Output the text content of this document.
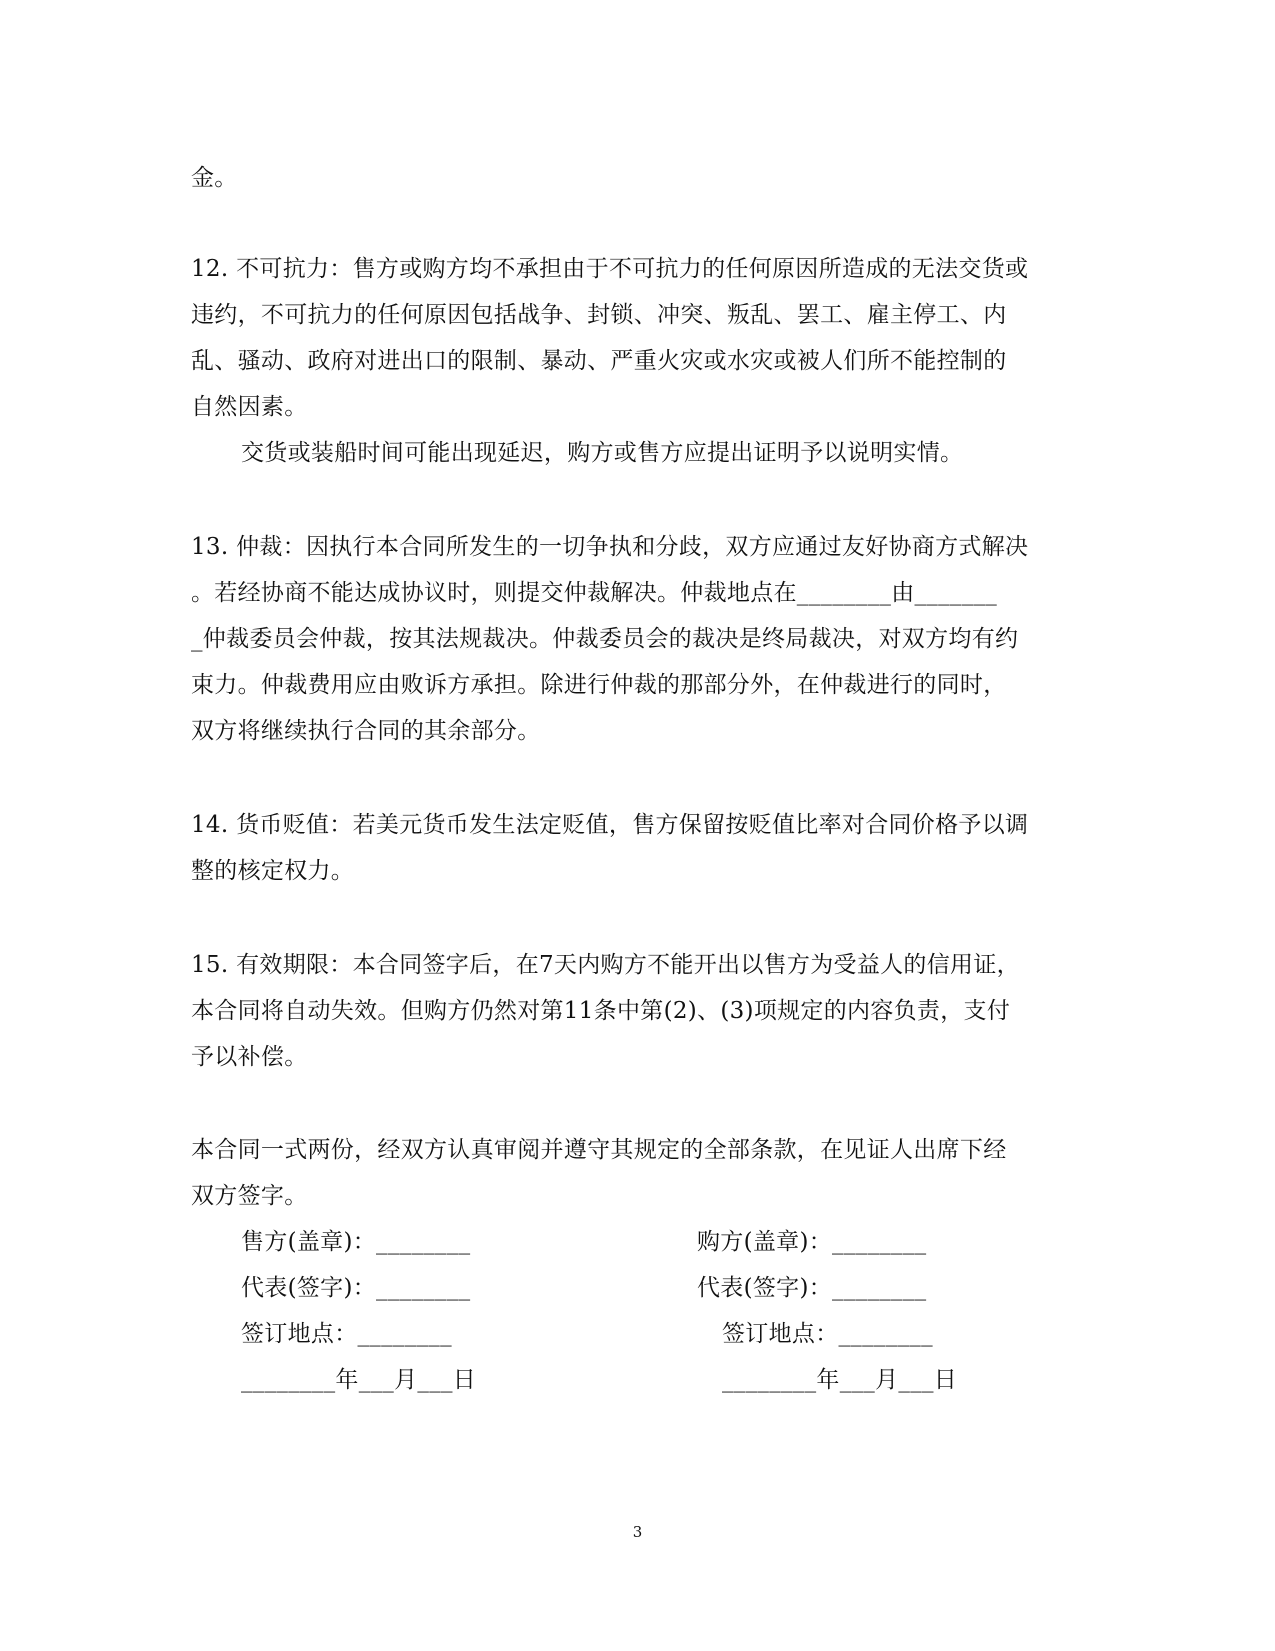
金。
12. 不可抗力：售方或购方均不承担由于不可抗力的任何原因所造成的无法交货或
违约，不可抗力的任何原因包括战争、封锁、冲突、叛乱、罢工、雇主停工、内
乱、骚动、政府对进出口的限制、暴动、严重火灾或水灾或被人们所不能控制的
自然因素。
交货或装船时间可能出现延迟，购方或售方应提出证明予以说明实情。
13. 仲裁：因执行本合同所发生的一切争执和分歧，双方应通过友好协商方式解决
。若经协商不能达成协议时，则提交仲裁解决。仲裁地点在________由_______
_仲裁委员会仲裁，按其法规裁决。仲裁委员会的裁决是终局裁决，对双方均有约
束力。仲裁费用应由败诉方承担。除进行仲裁的那部分外，在仲裁进行的同时，
双方将继续执行合同的其余部分。
14. 货币贬值：若美元货币发生法定贬值，售方保留按贬值比率对合同价格予以调
整的核定权力。
15. 有效期限：本合同签字后，在7天内购方不能开出以售方为受益人的信用证，
本合同将自动失效。但购方仍然对第11条中第(2)、(3)项规定的内容负责，支付
予以补偿。
本合同一式两份，经双方认真审阅并遵守其规定的全部条款，在见证人出席下经
双方签字。
售方(盖章)：________	购方(盖章)：________
代表(签字)：________	代表(签字)：________
签订地点：________	签订地点：________
________年___月___日	________年___月___日
3
